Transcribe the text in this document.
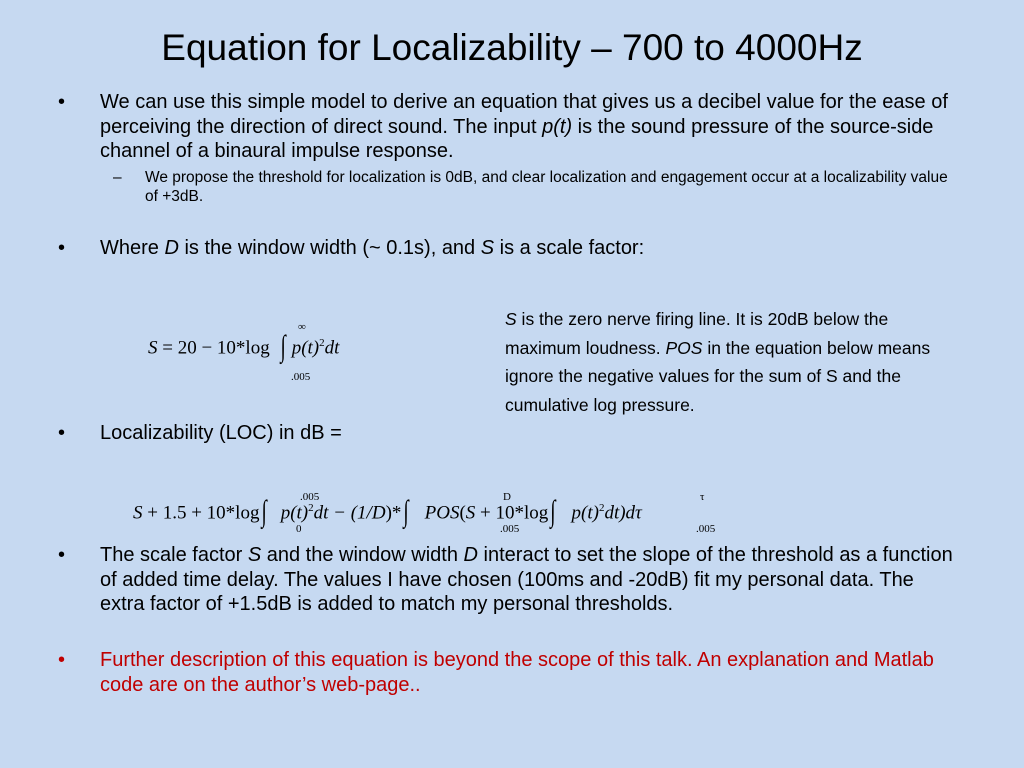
Equation for Localizability – 700 to 4000Hz
• We can use this simple model to derive an equation that gives us a decibel value for the ease of perceiving the direction of direct sound. The input p(t) is the sound pressure of the source-side channel of a binaural impulse response.
– We propose the threshold for localization is 0dB, and clear localization and engagement occur at a localizability value of +3dB.
• Where D is the window width (~ 0.1s), and S is a scale factor:
S = 20 − 10*log ∫ $p(t)^2dt$
∞
.005
S is the zero nerve firing line. It is 20dB below the maximum loudness. POS in the equation below means ignore the negative values for the sum of S and the cumulative log pressure.
• Localizability (LOC) in dB =
S + 1.5 + 10*log ∫ $p(t)^2dt - (1/D)*$ ∫ POS(S + 10*log ∫ $p(t)^2dt)d\tau$
.005
0
D
.005
τ
.005
• The scale factor S and the window width D interact to set the slope of the threshold as a function of added time delay. The values I have chosen (100ms and -20dB) fit my personal data. The extra factor of +1.5dB is added to match my personal thresholds.
• Further description of this equation is beyond the scope of this talk. An explanation and Matlab code are on the author’s web-page..
